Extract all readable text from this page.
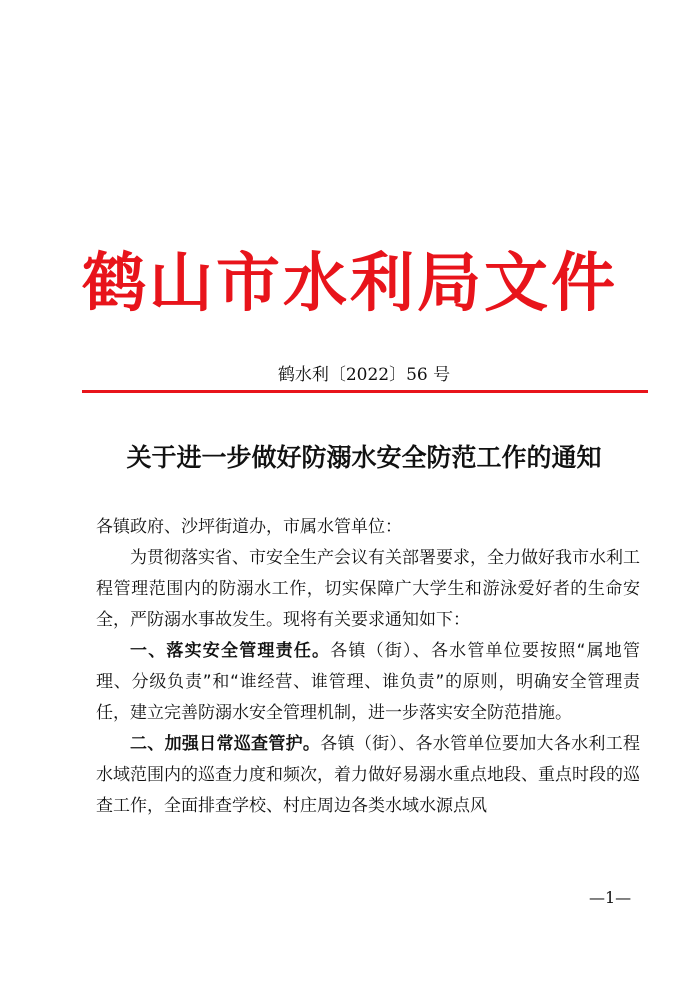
鹤山市水利局文件
鹤水利〔2022〕56 号
关于进一步做好防溺水安全防范工作的通知

各镇政府、沙坪街道办，市属水管单位：

为贯彻落实省、市安全生产会议有关部署要求，全力做好我市水利工程管理范围内的防溺水工作，切实保障广大学生和游泳爱好者的生命安全，严防溺水事故发生。现将有关要求通知如下：

一、落实安全管理责任。各镇（街）、各水管单位要按照“属地管理、分级负责”和“谁经营、谁管理、谁负责”的原则，明确安全管理责任，建立完善防溺水安全管理机制，进一步落实安全防范措施。

二、加强日常巡查管护。各镇（街）、各水管单位要加大各水利工程水域范围内的巡查力度和频次，着力做好易溺水重点地段、重点时段的巡查工作，全面排查学校、村庄周边各类水域水源点风

—1—
